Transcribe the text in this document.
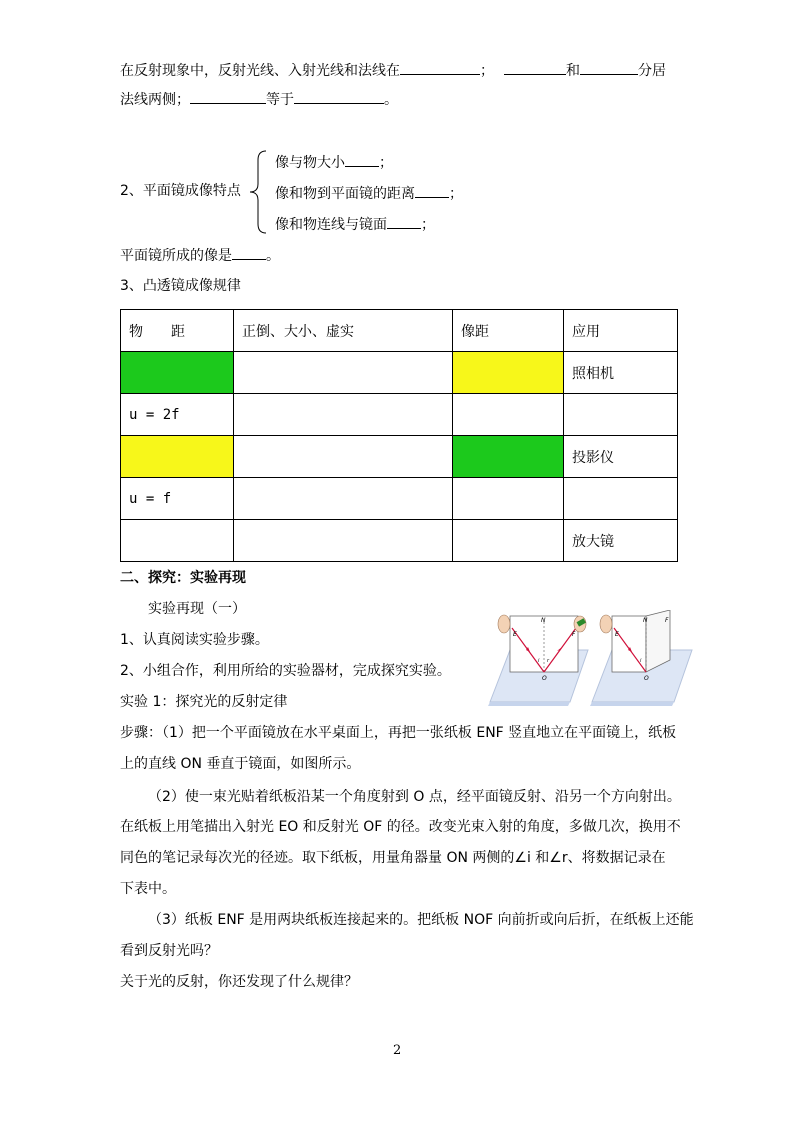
在反射现象中，反射光线、入射光线和法线在	；	和	分居
法线两侧；	等于	。
2、平面镜成像特点
像与物大小 ；
像和物到平面镜的距离 ；
像和物连线与镜面 ；
平面镜所成的像是 。
3、凸透镜成像规律
物　　距	正倒、大小、虚实	像距	应用
			照相机
u = 2f			
			投影仪
u = f			
			放大镜
二、探究：实验再现
实验再现（一）
1、认真阅读实验步骤。
2、小组合作，利用所给的实验器材，完成探究实验。
实验 1：探究光的反射定律
E
N
F
O
i r
E
N	F
O
i
步骤：（1）把一个平面镜放在水平桌面上，再把一张纸板 ENF 竖直地立在平面镜上，纸板
上的直线 ON 垂直于镜面，如图所示。
（2）使一束光贴着纸板沿某一个角度射到 O 点，经平面镜反射、沿另一个方向射出。
在纸板上用笔描出入射光 EO 和反射光 OF 的径。改变光束入射的角度，多做几次，换用不
同色的笔记录每次光的径迹。取下纸板，用量角器量 ON 两侧的∠i 和∠r、将数据记录在
下表中。
（3）纸板 ENF 是用两块纸板连接起来的。把纸板 NOF 向前折或向后折，在纸板上还能
看到反射光吗？
关于光的反射，你还发现了什么规律？
2
